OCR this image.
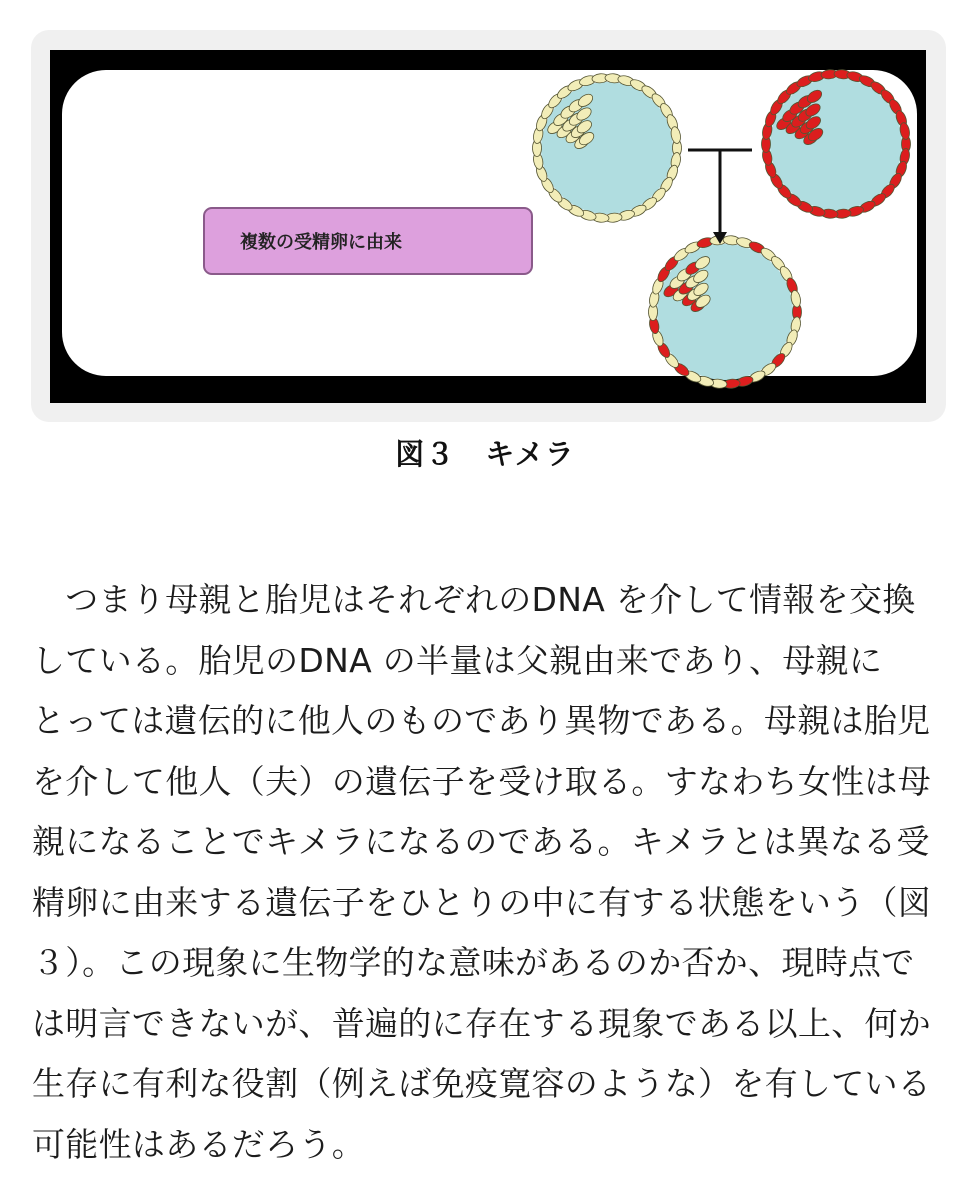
複数の受精卵に由来
図３　キメラ
　つまり母親と胎児はそれぞれのDNA を介して情報を交換
している。胎児のDNA の半量は父親由来であり、母親に
とっては遺伝的に他人のものであり異物である。母親は胎児
を介して他人（夫）の遺伝子を受け取る。すなわち女性は母
親になることでキメラになるのである。キメラとは異なる受
精卵に由来する遺伝子をひとりの中に有する状態をいう（図
３）。この現象に生物学的な意味があるのか否か、現時点で
は明言できないが、普遍的に存在する現象である以上、何か
生存に有利な役割（例えば免疫寛容のような）を有している
可能性はあるだろう。
